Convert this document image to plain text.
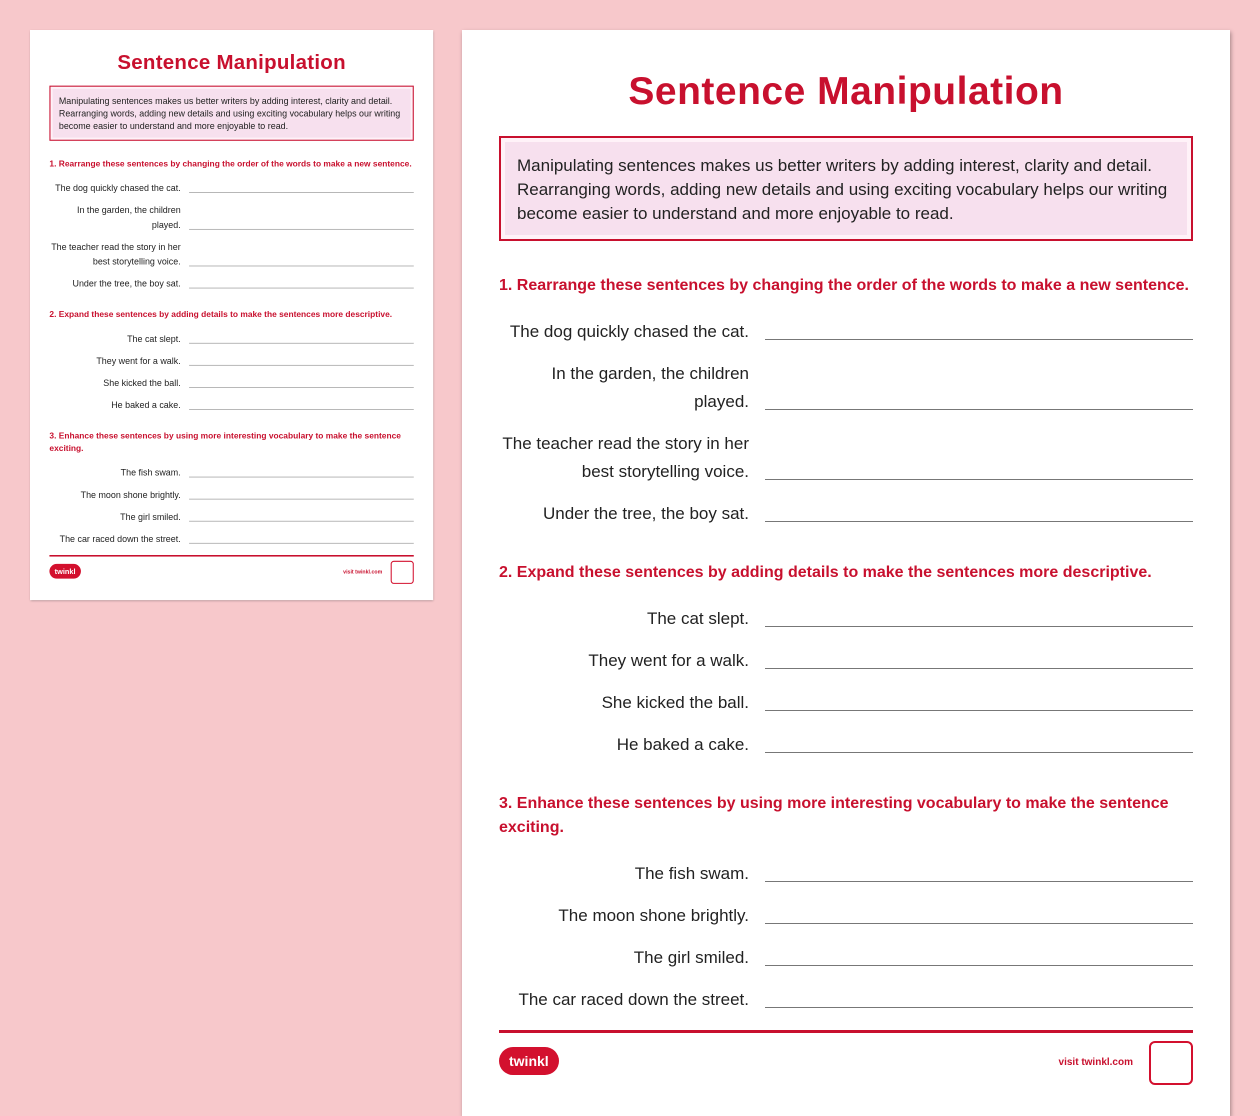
Sentence Manipulation
Manipulating sentences makes us better writers by adding interest, clarity and detail. Rearranging words, adding new details and using exciting vocabulary helps our writing become easier to understand and more enjoyable to read.
1. Rearrange these sentences by changing the order of the words to make a new sentence.
The dog quickly chased the cat.
In the garden, the children played.
The teacher read the story in her best storytelling voice.
Under the tree, the boy sat.
2. Expand these sentences by adding details to make the sentences more descriptive.
The cat slept.
They went for a walk.
She kicked the ball.
He baked a cake.
3. Enhance these sentences by using more interesting vocabulary to make the sentence exciting.
The fish swam.
The moon shone brightly.
The girl smiled.
The car raced down the street.
twinkl	visit twinkl.com
Sentence Manipulation
Manipulating sentences makes us better writers by adding interest, clarity and detail. Rearranging words, adding new details and using exciting vocabulary helps our writing become easier to understand and more enjoyable to read.
1. Rearrange these sentences by changing the order of the words to make a new sentence.
The dog quickly chased the cat.
In the garden, the children played.
The teacher read the story in her best storytelling voice.
Under the tree, the boy sat.
2. Expand these sentences by adding details to make the sentences more descriptive.
The cat slept.
They went for a walk.
She kicked the ball.
He baked a cake.
3. Enhance these sentences by using more interesting vocabulary to make the sentence exciting.
The fish swam.
The moon shone brightly.
The girl smiled.
The car raced down the street.
twinkl	visit twinkl.com
